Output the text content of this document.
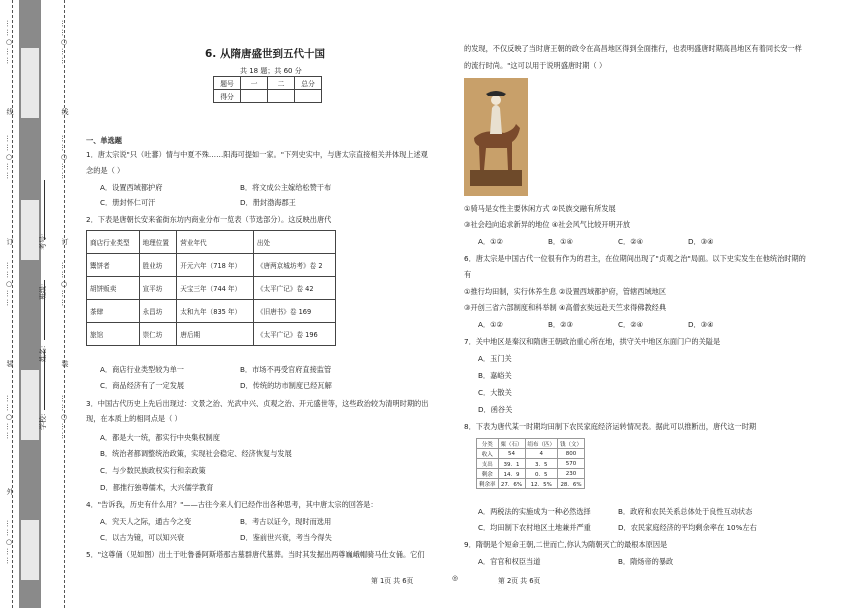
……○……
线
……○……
订
……○……
装
……○……
外
……○……
……○……
线
……○……
订
……○……
装
……○……
学校:
姓名:
班级:
考号:
6. 从隋唐盛世到五代十国
共 18 题；共 60 分
题号	一	二	总分
得分			
一、单选题
1．唐太宗说"只（吐蕃）情与中夏不殊……阳海可提如一家。"下列史实中，与唐太宗直接相关并体现上述观
念的是（ ）
A．设置西域都护府	B．将文成公主嫁给松赞干布
C．册封怀仁可汗	D．册封渤海郡王
2．下表是唐朝长安来雀街东坊内商业分布一览表（节选部分）。这反映出唐代
商店行业类型	地理位置	营业年代	出处
鬻饼者	胜业坊	开元六年（718 年）	《唐两京城坊考》卷 2
胡饼贩卖	宣平坊	天宝三年（744 年）	《太平广记》卷 42
茶肆	永昌坊	太和九年（835 年）	《旧唐书》卷 169
旅馆	崇仁坊	唐后期	《太平广记》卷 196
A．商店行业类型较为单一	B．市场不再受官府直接监管
C．商品经济有了一定发展	D．传统的坊市制度已经瓦解
3．中国古代历史上先后出现过：文景之治、光武中兴、贞观之治、开元盛世等，这些政治较为清明时期的出
现，在本质上的相同点是（ ）
A．都是大一统，都实行中央集权制度
B．统治者都调整统治政策，实现社会稳定、经济恢复与发展
C．与少数民族政权实行和亲政策
D．都推行独尊儒术，大兴儒学教育
4．"告诉我，历史有什么用？"——古往今来人们已经作出各种思考，其中唐太宗的回答是：
A．究天人之际，通古今之变	B．考古以证今，现时而选用
C．以古为镜，可以知兴衰	D．鉴前世兴衰，考当今得失
5．"这尊俑（见如图）出土于吐鲁番阿斯塔那古墓群唐代墓葬。当时其发掘出两尊巍峨帽骑马仕女俑。它们
第 1页 共 6页
的发现，不仅反映了当时唐王朝的政令在高昌地区得到全面推行，也表明盛唐时期高昌地区有着同长安一样
的流行时尚。"这可以用于说明盛唐时期（ ）
①骑马是女性主要休闲方式 ②民族交融有所发展
③社会趋向追求新异的地位 ④社会风气比较开明开放
A．①②	B．①④	C．②④	D．③④
6．唐太宗是中国古代一位很有作为的君主，在位期间出现了"贞观之治"局面。以下史实发生在他统治时期的
有
①推行均田制，实行休养生息 ②设置西域都护府，管辖西域地区
③开创三省六部制度和科举制 ④高僧玄奘远赴天竺求得佛教经典
A．①②	B．②③	C．②④	D．③④
7．关中地区是秦汉和隋唐王朝政治重心所在地，拱守关中地区东面门户的关隘是
A．玉门关
B．嘉峪关
C．大散关
D．函谷关
8．下表为唐代某一时期均田制下农民家庭经济运转情况表。据此可以推断出，唐代这一时期
分类	粟（石）	绢布（匹）	钱（文）
收入	54	4	800
支出	39．1	3．5	570
剩余	14．9	0．5	230
剩余率	27．6%	12．5%	28．6%
A．两税法的实施成为一种必然选择	B．政府和农民关系总体处于良性互动状态
C．均田制下农村地区土地兼并严重	D．农民家庭经济的平均剩余率在 10%左右
9．隋朝是个短命王朝,二世而亡,你认为隋朝灭亡的最根本原因是
A．官官和权臣当道	B．隋炀帝的暴政
◎	第 2页 共 6页
